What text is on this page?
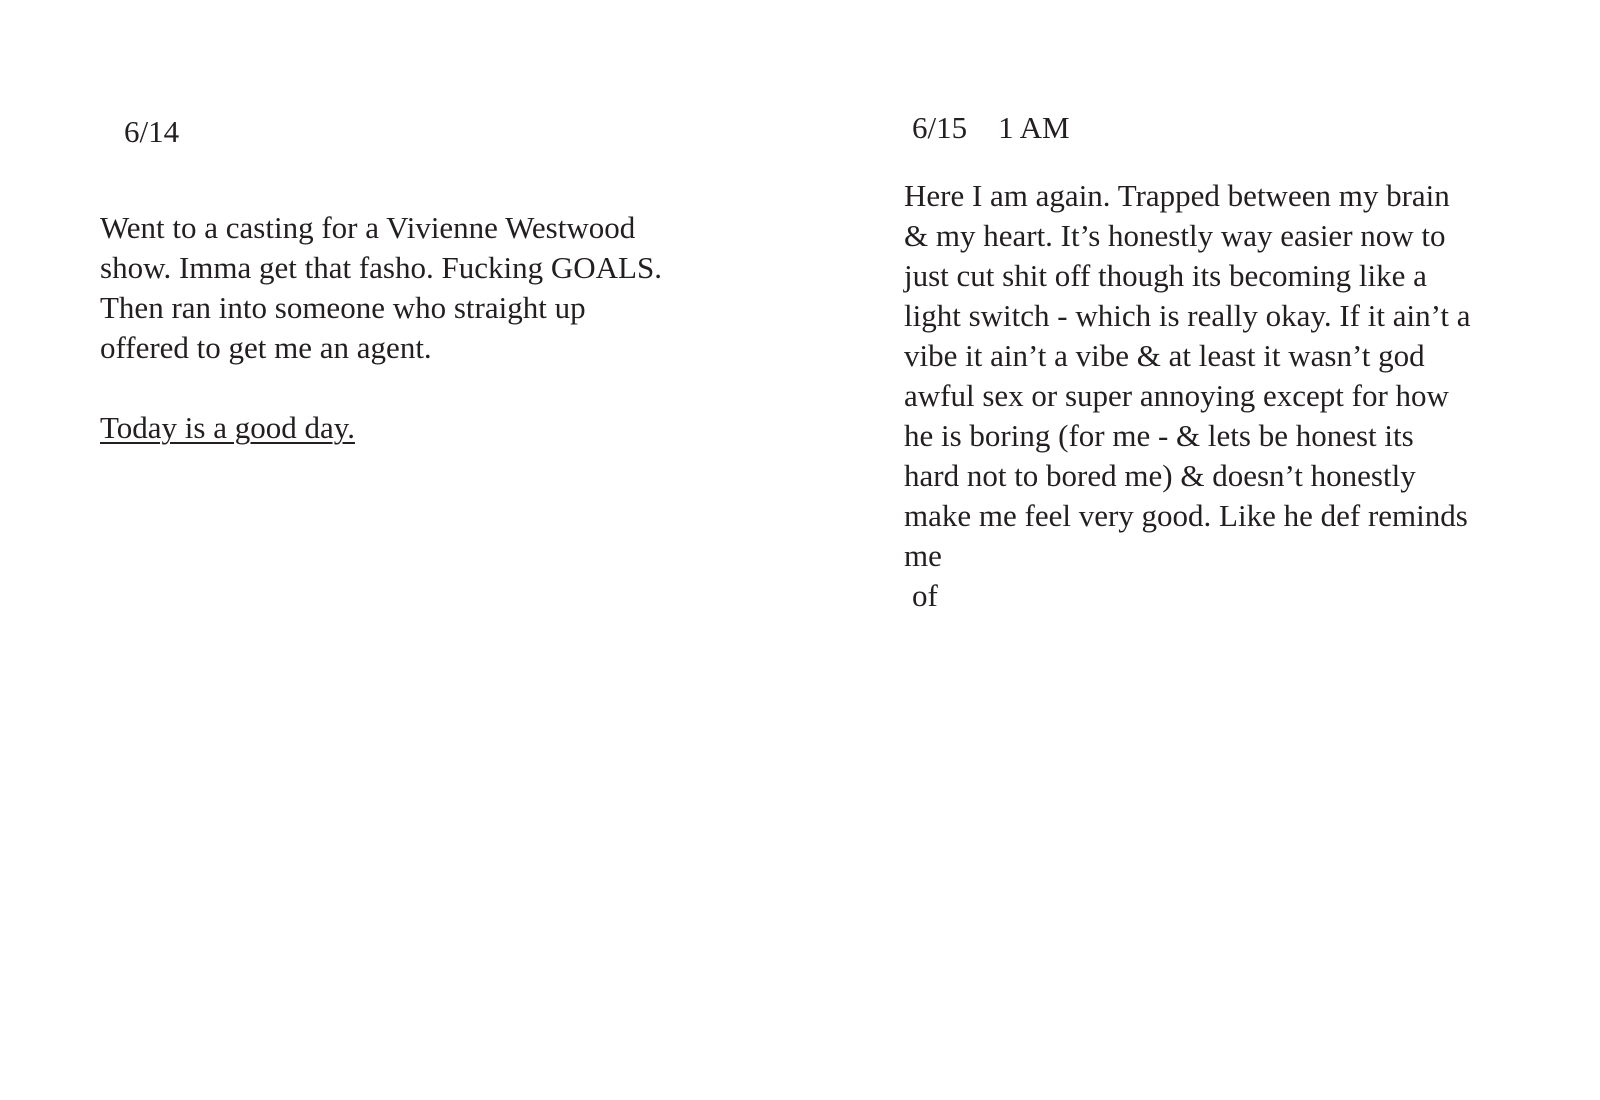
6/14

Went to a casting for a Vivienne Westwood
show. Imma get that fasho. Fucking GOALS.
Then ran into someone who straight up
offered to get me an agent.

Today is a good day.

6/15    1 AM

Here I am again. Trapped between my brain
& my heart. It’s honestly way easier now to
just cut shit off though its becoming like a
light switch - which is really okay. If it ain’t a
vibe it ain’t a vibe & at least it wasn’t god
awful sex or super annoying except for how
he is boring (for me - & lets be honest its
hard not to bored me) & doesn’t honestly
make me feel very good. Like he def reminds
me

of
